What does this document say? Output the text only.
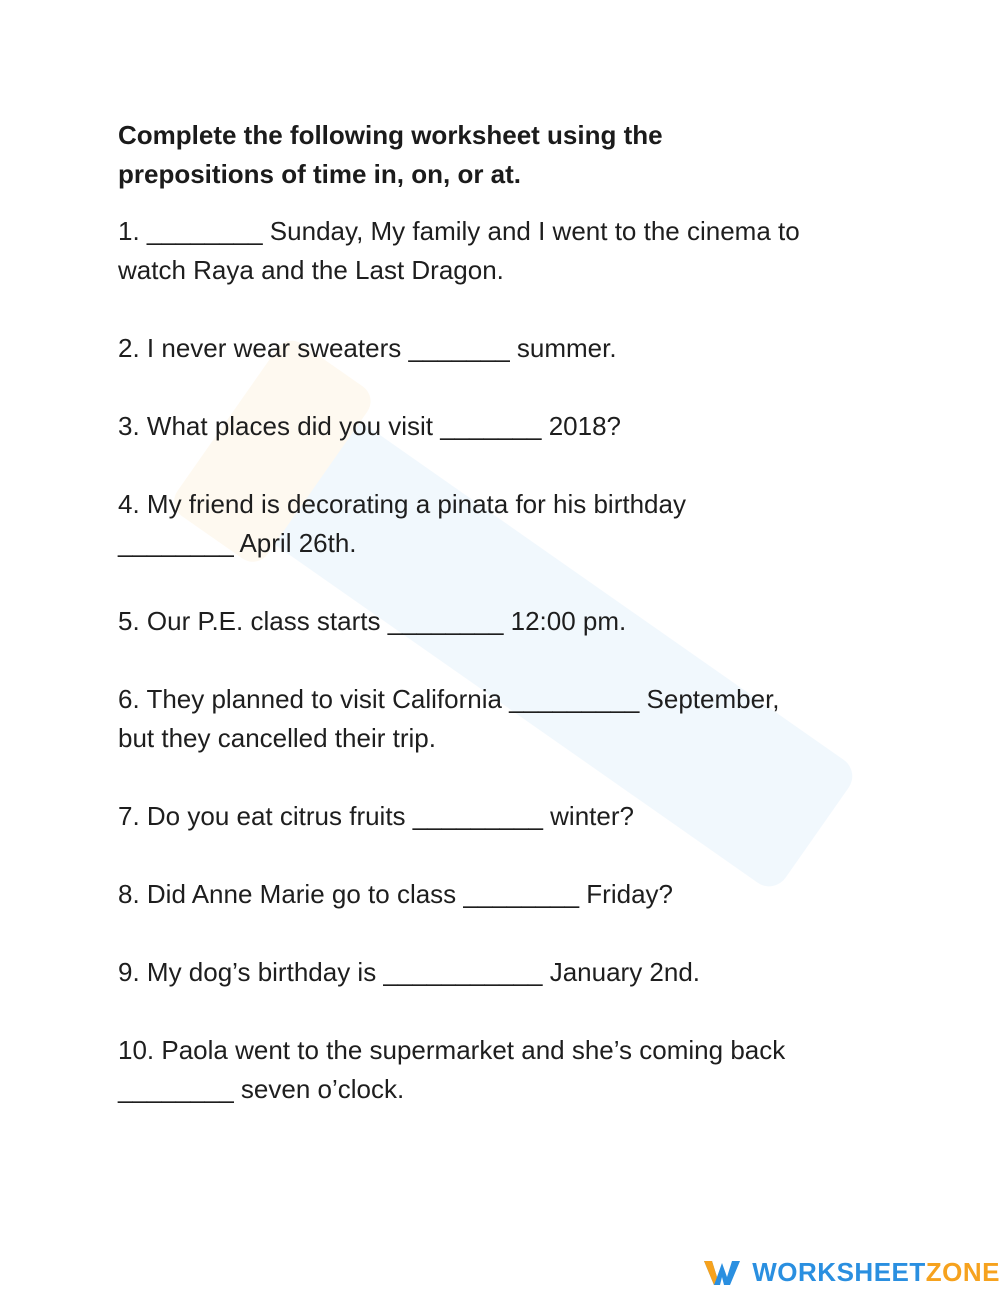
Complete the following worksheet using the
prepositions of time in, on, or at.

1. ________ Sunday, My family and I went to the cinema to
watch Raya and the Last Dragon.

2. I never wear sweaters _______ summer.

3. What places did you visit _______ 2018?

4. My friend is decorating a pinata for his birthday
________ April 26th.

5. Our P.E. class starts ________ 12:00 pm.

6. They planned to visit California _________ September,
but they cancelled their trip.

7. Do you eat citrus fruits _________ winter?

8. Did Anne Marie go to class ________ Friday?

9. My dog’s birthday is ___________ January 2nd.

10. Paola went to the supermarket and she’s coming back
________ seven o’clock.

WORKSHEETZONE
